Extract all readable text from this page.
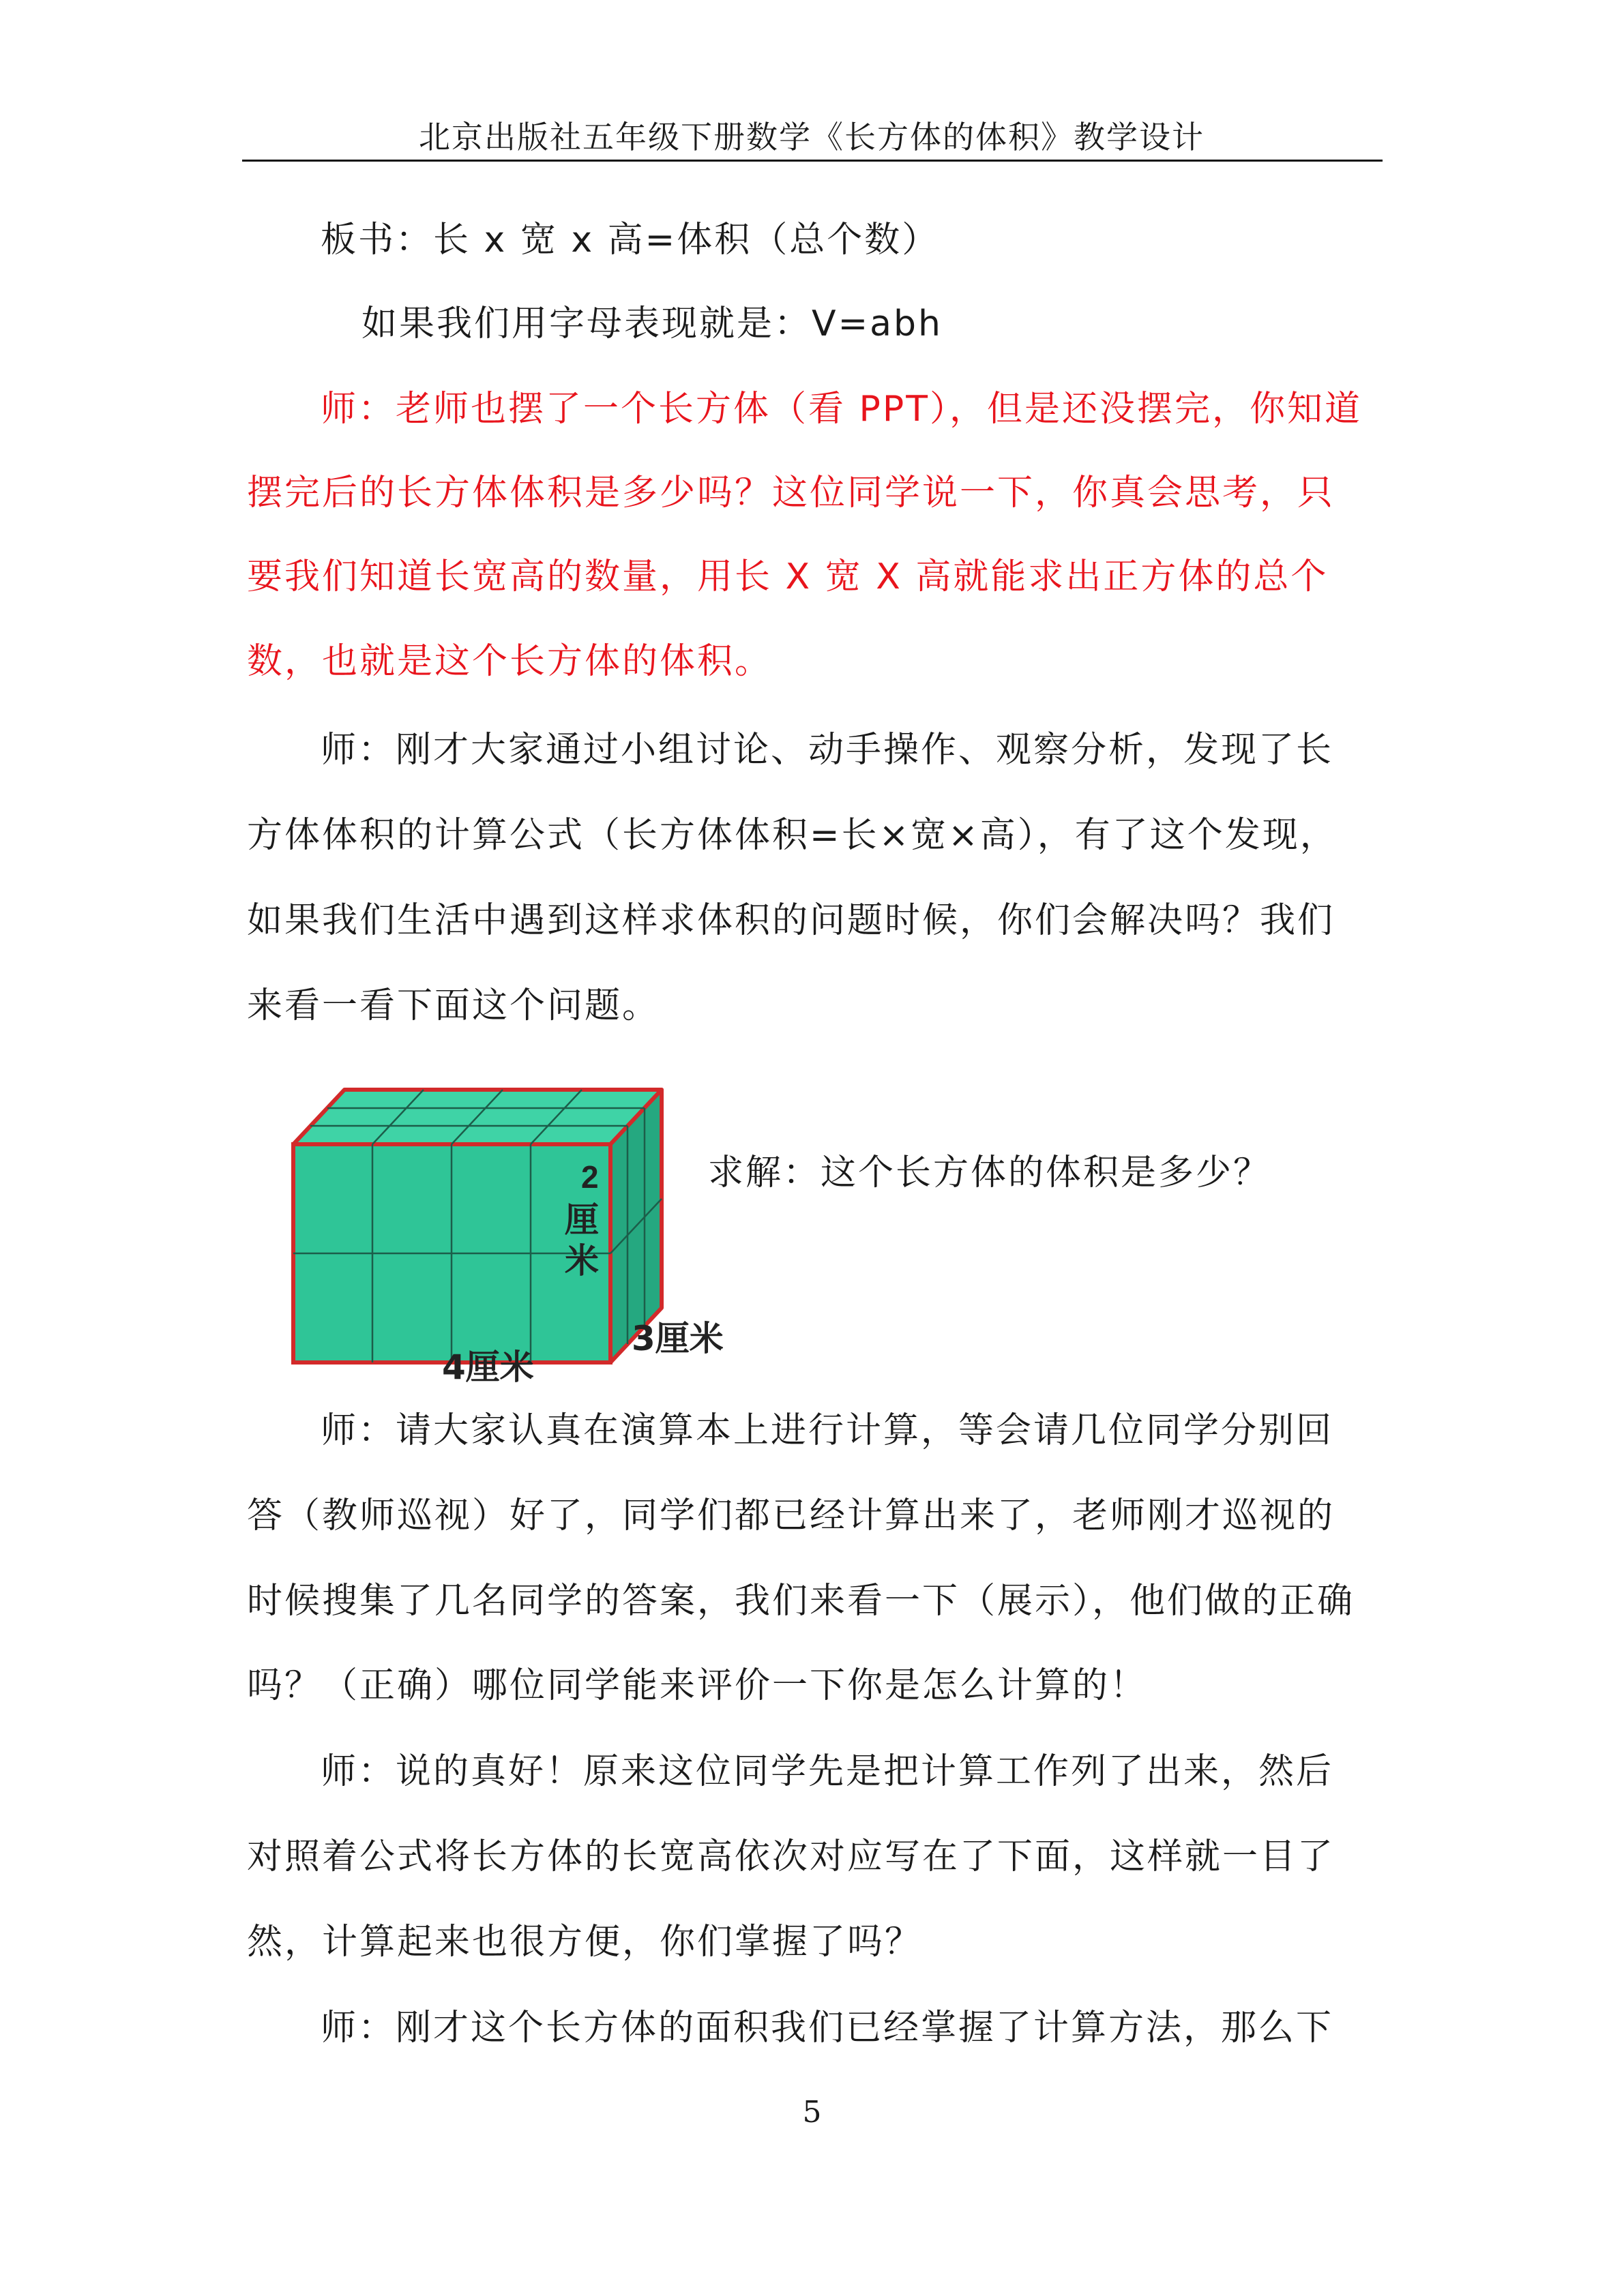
北京出版社五年级下册数学《长方体的体积》教学设计
板书：长 x 宽 x 高=体积（总个数）
如果我们用字母表现就是：V=abh
师：老师也摆了一个长方体（看 PPT），但是还没摆完，你知道
摆完后的长方体体积是多少吗？这位同学说一下，你真会思考，只
要我们知道长宽高的数量，用长 X 宽 X 高就能求出正方体的总个
数，也就是这个长方体的体积。
师：刚才大家通过小组讨论、动手操作、观察分析，发现了长
方体体积的计算公式（长方体体积=长×宽×高），有了这个发现，
如果我们生活中遇到这样求体积的问题时候，你们会解决吗？我们
来看一看下面这个问题。
2
厘
米
3厘米
4厘米
求解：这个长方体的体积是多少？
师：请大家认真在演算本上进行计算，等会请几位同学分别回
答（教师巡视）好了，同学们都已经计算出来了，老师刚才巡视的
时候搜集了几名同学的答案，我们来看一下（展示），他们做的正确
吗？（正确）哪位同学能来评价一下你是怎么计算的！
师：说的真好！原来这位同学先是把计算工作列了出来，然后
对照着公式将长方体的长宽高依次对应写在了下面，这样就一目了
然，计算起来也很方便，你们掌握了吗？
师：刚才这个长方体的面积我们已经掌握了计算方法，那么下
5
